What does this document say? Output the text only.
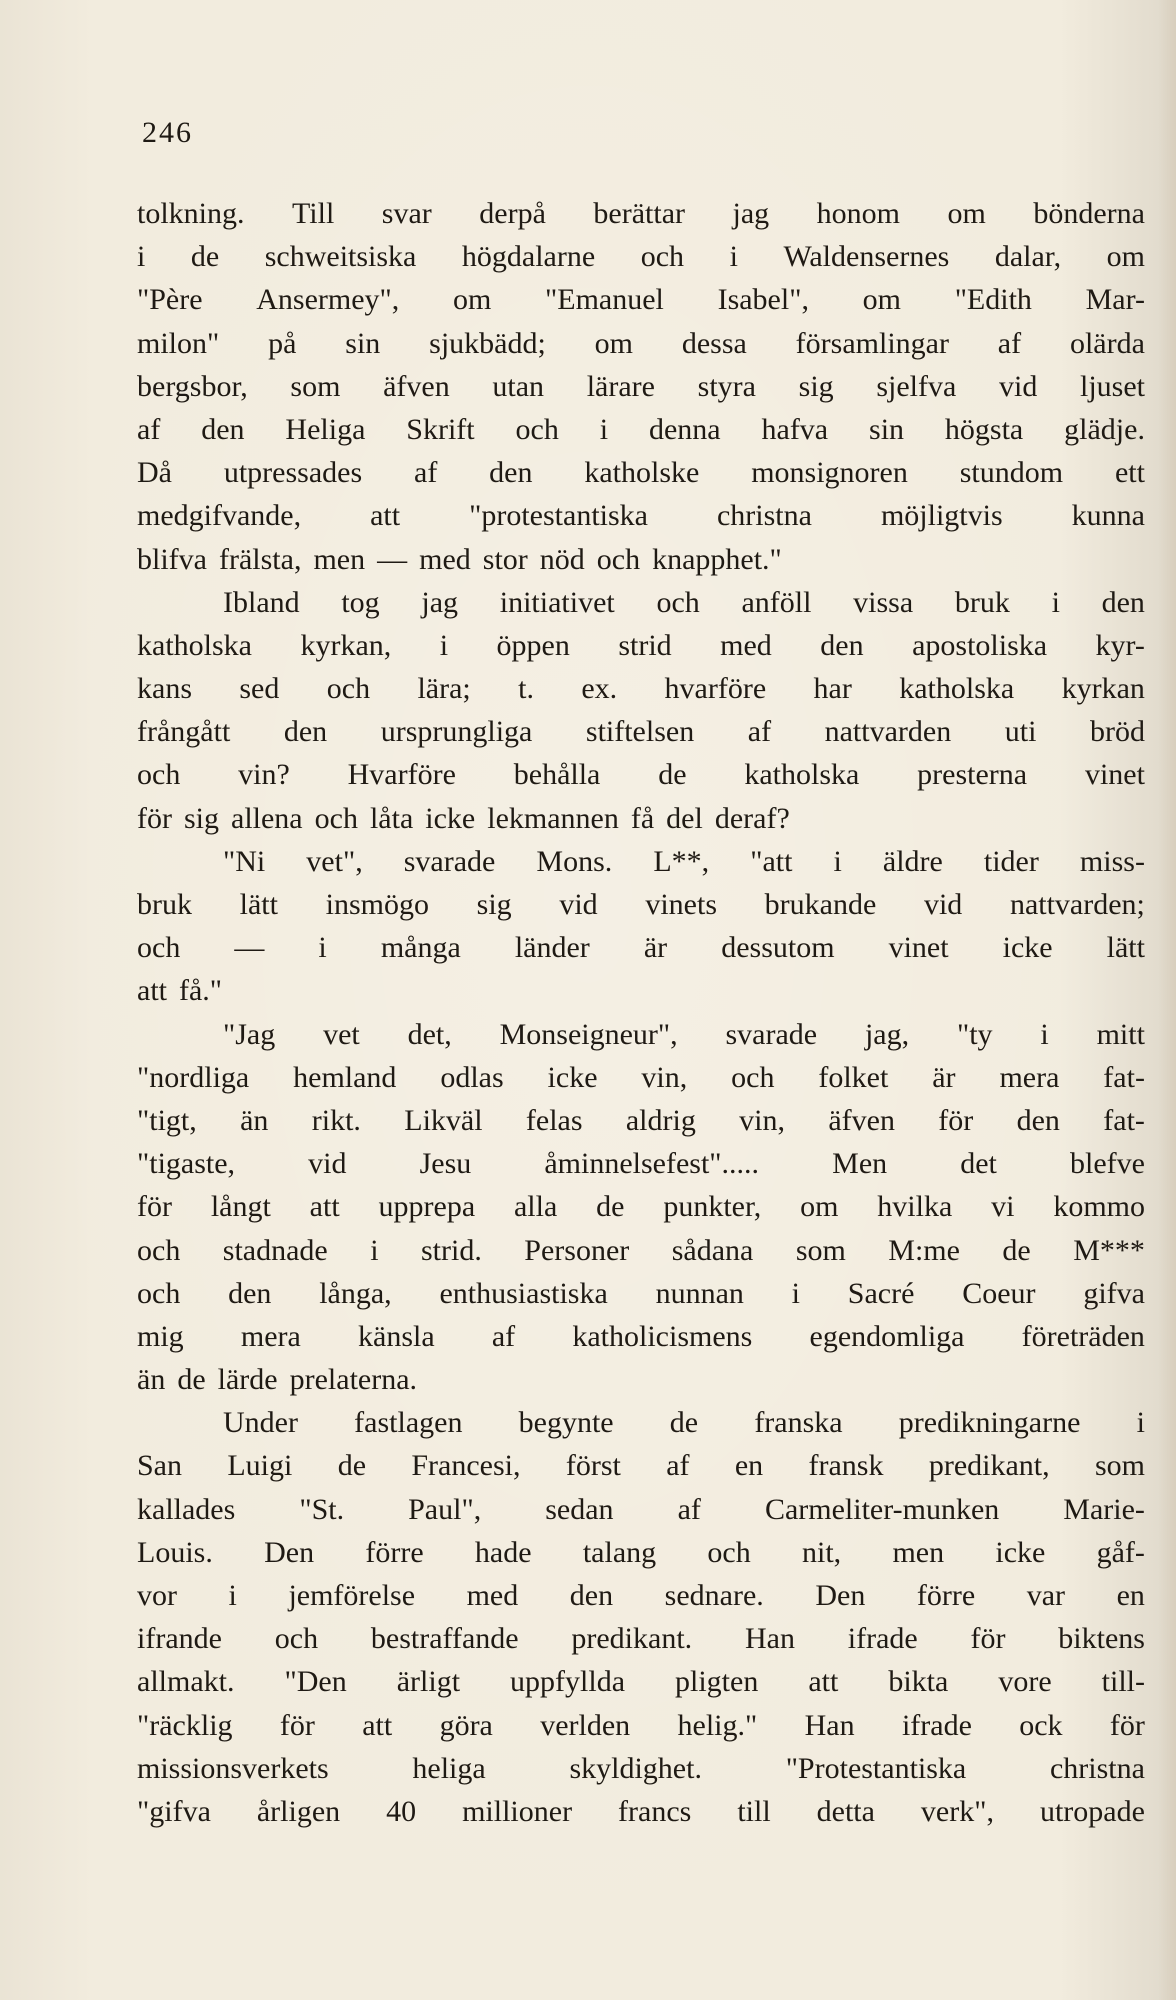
246
tolkning. Till svar derpå berättar jag honom om bönderna
i de schweitsiska högdalarne och i Waldensernes dalar, om
"Père Ansermey", om "Emanuel Isabel", om "Edith Mar-
milon" på sin sjukbädd; om dessa församlingar af olärda
bergsbor, som äfven utan lärare styra sig sjelfva vid ljuset
af den Heliga Skrift och i denna hafva sin högsta glädje.
Då utpressades af den katholske monsignoren stundom ett
medgifvande, att "protestantiska christna möjligtvis kunna
blifva frälsta, men — med stor nöd och knapphet."
Ibland tog jag initiativet och anföll vissa bruk i den
katholska kyrkan, i öppen strid med den apostoliska kyr-
kans sed och lära; t. ex. hvarföre har katholska kyrkan
frångått den ursprungliga stiftelsen af nattvarden uti bröd
och vin? Hvarföre behålla de katholska presterna vinet
för sig allena och låta icke lekmannen få del deraf?
"Ni vet", svarade Mons. L**, "att i äldre tider miss-
bruk lätt insmögo sig vid vinets brukande vid nattvarden;
och — i många länder är dessutom vinet icke lätt
att få."
"Jag vet det, Monseigneur", svarade jag, "ty i mitt
"nordliga hemland odlas icke vin, och folket är mera fat-
"tigt, än rikt. Likväl felas aldrig vin, äfven för den fat-
"tigaste, vid Jesu åminnelsefest"..... Men det blefve
för långt att upprepa alla de punkter, om hvilka vi kommo
och stadnade i strid. Personer sådana som M:me de M***
och den långa, enthusiastiska nunnan i Sacré Coeur gifva
mig mera känsla af katholicismens egendomliga företräden
än de lärde prelaterna.
Under fastlagen begynte de franska predikningarne i
San Luigi de Francesi, först af en fransk predikant, som
kallades "St. Paul", sedan af Carmeliter-munken Marie-
Louis. Den förre hade talang och nit, men icke gåf-
vor i jemförelse med den sednare. Den förre var en
ifrande och bestraffande predikant. Han ifrade för biktens
allmakt. "Den ärligt uppfyllda pligten att bikta vore till-
"räcklig för att göra verlden helig." Han ifrade ock för
missionsverkets	heliga	skyldighet.	"Protestantiska	christna
"gifva årligen 40 millioner francs till detta verk", utropade
